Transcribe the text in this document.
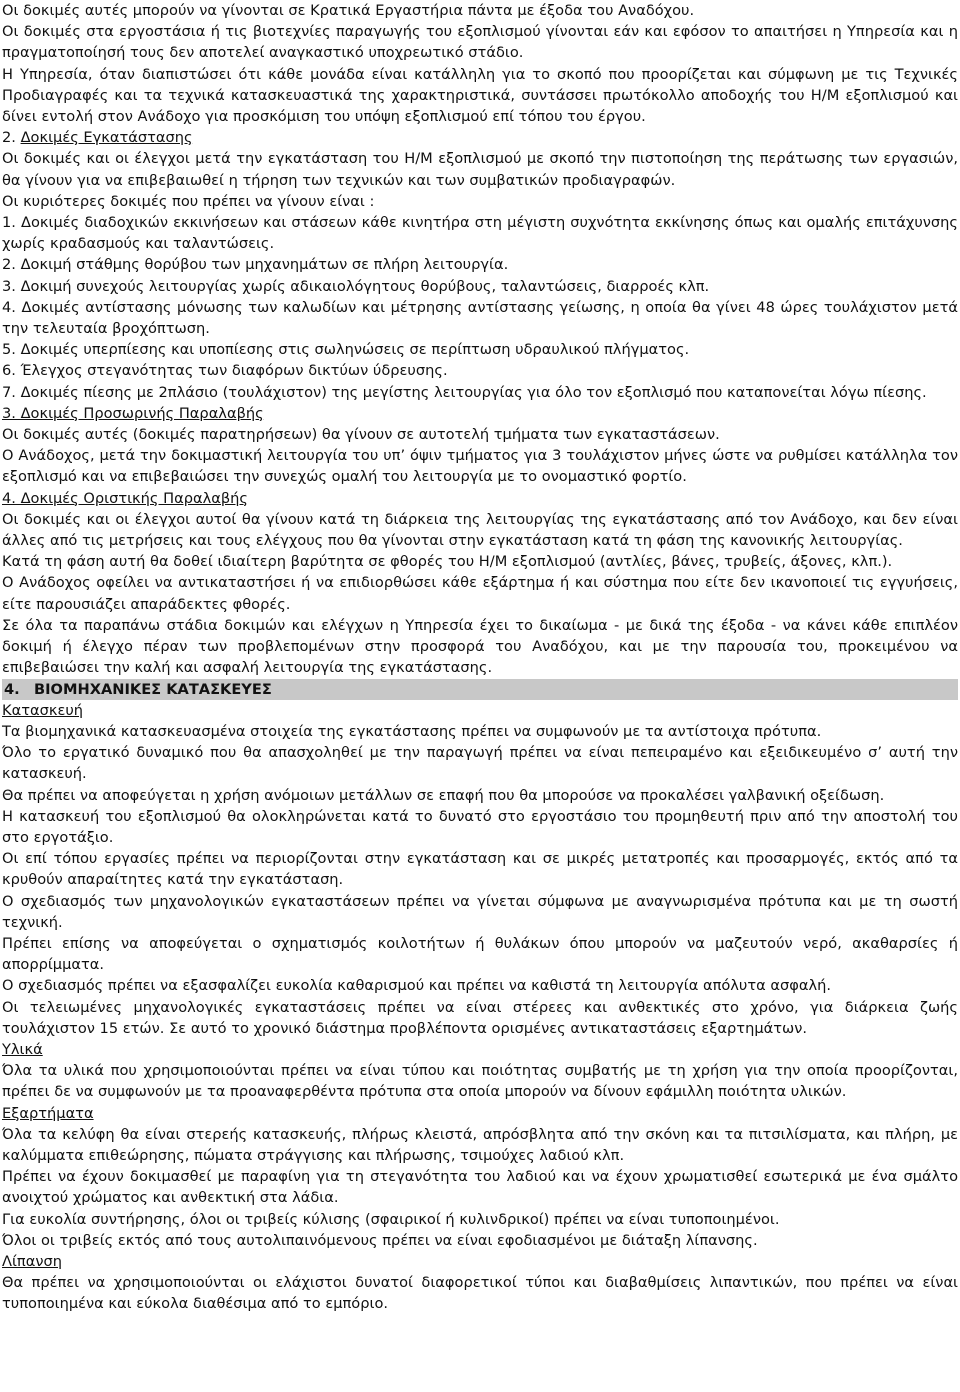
Οι δοκιμές αυτές μπορούν να γίνονται σε Κρατικά Εργαστήρια πάντα με έξοδα του Αναδόχου.

Οι δοκιμές στα εργοστάσια ή τις βιοτεχνίες παραγωγής του εξοπλισμού γίνονται εάν και εφόσον το απαιτήσει η Υπηρεσία και η πραγματοποίησή τους δεν αποτελεί αναγκαστικό υποχρεωτικό στάδιο.

Η Υπηρεσία, όταν διαπιστώσει ότι κάθε μονάδα είναι κατάλληλη για το σκοπό που προορίζεται και σύμφωνη με τις Τεχνικές Προδιαγραφές και τα τεχνικά κατασκευαστικά της χαρακτηριστικά, συντάσσει πρωτόκολλο αποδοχής του Η/Μ εξοπλισμού και δίνει εντολή στον Ανάδοχο για προσκόμιση του υπόψη εξοπλισμού επί τόπου του έργου.

2. Δοκιμές Εγκατάστασης

Οι δοκιμές και οι έλεγχοι μετά την εγκατάσταση του Η/Μ εξοπλισμού με σκοπό την πιστοποίηση της περάτωσης των εργασιών, θα γίνουν για να επιβεβαιωθεί η τήρηση των τεχνικών και των συμβατικών προδιαγραφών.

Οι κυριότερες δοκιμές που πρέπει να γίνουν είναι :

1. Δοκιμές διαδοχικών εκκινήσεων και στάσεων κάθε κινητήρα στη μέγιστη συχνότητα εκκίνησης όπως και ομαλής επιτάχυνσης χωρίς κραδασμούς και ταλαντώσεις.

2. Δοκιμή στάθμης θορύβου των μηχανημάτων σε πλήρη λειτουργία.

3. Δοκιμή συνεχούς λειτουργίας χωρίς αδικαιολόγητους θορύβους, ταλαντώσεις, διαρροές κλπ.

4. Δοκιμές αντίστασης μόνωσης των καλωδίων και μέτρησης αντίστασης γείωσης, η οποία θα γίνει 48 ώρες τουλάχιστον μετά την τελευταία βροχόπτωση.

5. Δοκιμές υπερπίεσης και υποπίεσης στις σωληνώσεις σε περίπτωση υδραυλικού πλήγματος.

6. Έλεγχος στεγανότητας των διαφόρων δικτύων ύδρευσης.

7. Δοκιμές πίεσης με 2πλάσιο (τουλάχιστον) της μεγίστης λειτουργίας για όλο τον εξοπλισμό που καταπονείται λόγω πίεσης.

3. Δοκιμές Προσωρινής Παραλαβής

Οι δοκιμές αυτές (δοκιμές παρατηρήσεων) θα γίνουν σε αυτοτελή τμήματα των εγκαταστάσεων.

Ο Ανάδοχος, μετά την δοκιμαστική λειτουργία του υπ’ όψιν τμήματος για 3 τουλάχιστον μήνες ώστε να ρυθμίσει κατάλληλα τον εξοπλισμό και να επιβεβαιώσει την συνεχώς ομαλή του λειτουργία με το ονομαστικό φορτίο.

4. Δοκιμές Οριστικής Παραλαβής

Οι δοκιμές και οι έλεγχοι αυτοί θα γίνουν κατά τη διάρκεια της λειτουργίας της εγκατάστασης από τον Ανάδοχο, και δεν είναι άλλες από τις μετρήσεις και τους ελέγχους που θα γίνονται στην εγκατάσταση κατά τη φάση της κανονικής λειτουργίας.

Κατά τη φάση αυτή θα δοθεί ιδιαίτερη βαρύτητα σε φθορές του Η/Μ εξοπλισμού (αντλίες, βάνες, τρυβείς, άξονες, κλπ.).

Ο Ανάδοχος οφείλει να αντικαταστήσει ή να επιδιορθώσει κάθε εξάρτημα ή και σύστημα που είτε δεν ικανοποιεί τις εγγυήσεις, είτε παρουσιάζει απαράδεκτες φθορές.

Σε όλα τα παραπάνω στάδια δοκιμών και ελέγχων η Υπηρεσία έχει το δικαίωμα - με δικά της έξοδα - να κάνει κάθε επιπλέον δοκιμή ή έλεγχο πέραν των προβλεπομένων στην προσφορά του Αναδόχου, και με την παρουσία του, προκειμένου να επιβεβαιώσει την καλή και ασφαλή λειτουργία της εγκατάστασης.

4. ΒΙΟΜΗΧΑΝΙΚΕΣ ΚΑΤΑΣΚΕΥΕΣ

Κατασκευή

Τα βιομηχανικά κατασκευασμένα στοιχεία της εγκατάστασης πρέπει να συμφωνούν με τα αντίστοιχα πρότυπα.

Όλο το εργατικό δυναμικό που θα απασχοληθεί με την παραγωγή πρέπει να είναι πεπειραμένο και εξειδικευμένο σ’ αυτή την κατασκευή.

Θα πρέπει να αποφεύγεται η χρήση ανόμοιων μετάλλων σε επαφή που θα μπορούσε να προκαλέσει γαλβανική οξείδωση.

Η κατασκευή του εξοπλισμού θα ολοκληρώνεται κατά το δυνατό στο εργοστάσιο του προμηθευτή πριν από την αποστολή του στο εργοτάξιο.

Οι επί τόπου εργασίες πρέπει να περιορίζονται στην εγκατάσταση και σε μικρές μετατροπές και προσαρμογές, εκτός από τα κρυθούν απαραίτητες κατά την εγκατάσταση.

Ο σχεδιασμός των μηχανολογικών εγκαταστάσεων πρέπει να γίνεται σύμφωνα με αναγνωρισμένα πρότυπα και με τη σωστή τεχνική.

Πρέπει επίσης να αποφεύγεται ο σχηματισμός κοιλοτήτων ή θυλάκων όπου μπορούν να μαζευτούν νερό, ακαθαρσίες ή απορρίμματα.

Ο σχεδιασμός πρέπει να εξασφαλίζει ευκολία καθαρισμού και πρέπει να καθιστά τη λειτουργία απόλυτα ασφαλή.

Οι τελειωμένες μηχανολογικές εγκαταστάσεις πρέπει να είναι στέρεες και ανθεκτικές στο χρόνο, για διάρκεια ζωής τουλάχιστον 15 ετών. Σε αυτό το χρονικό διάστημα προβλέποντα ορισμένες αντικαταστάσεις εξαρτημάτων.

Υλικά

Όλα τα υλικά που χρησιμοποιούνται πρέπει να είναι τύπου και ποιότητας συμβατής με τη χρήση για την οποία προορίζονται, πρέπει δε να συμφωνούν με τα προαναφερθέντα πρότυπα στα οποία μπορούν να δίνουν εφάμιλλη ποιότητα υλικών.

Εξαρτήματα

Όλα τα κελύφη θα είναι στερεής κατασκευής, πλήρως κλειστά, απρόσβλητα από την σκόνη και τα πιτσιλίσματα, και πλήρη, με καλύμματα επιθεώρησης, πώματα στράγγισης και πλήρωσης, τσιμούχες λαδιού κλπ.

Πρέπει να έχουν δοκιμασθεί με παραφίνη για τη στεγανότητα του λαδιού και να έχουν χρωματισθεί εσωτερικά με ένα σμάλτο ανοιχτού χρώματος και ανθεκτική στα λάδια.

Για ευκολία συντήρησης, όλοι οι τριβείς κύλισης (σφαιρικοί ή κυλινδρικοί) πρέπει να είναι τυποποιημένοι.

Όλοι οι τριβείς εκτός από τους αυτολιπαινόμενους πρέπει να είναι εφοδιασμένοι με διάταξη λίπανσης.

Λίπανση

Θα πρέπει να χρησιμοποιούνται οι ελάχιστοι δυνατοί διαφορετικοί τύποι και διαβαθμίσεις λιπαντικών, που πρέπει να είναι τυποποιημένα και εύκολα διαθέσιμα από το εμπόριο.
